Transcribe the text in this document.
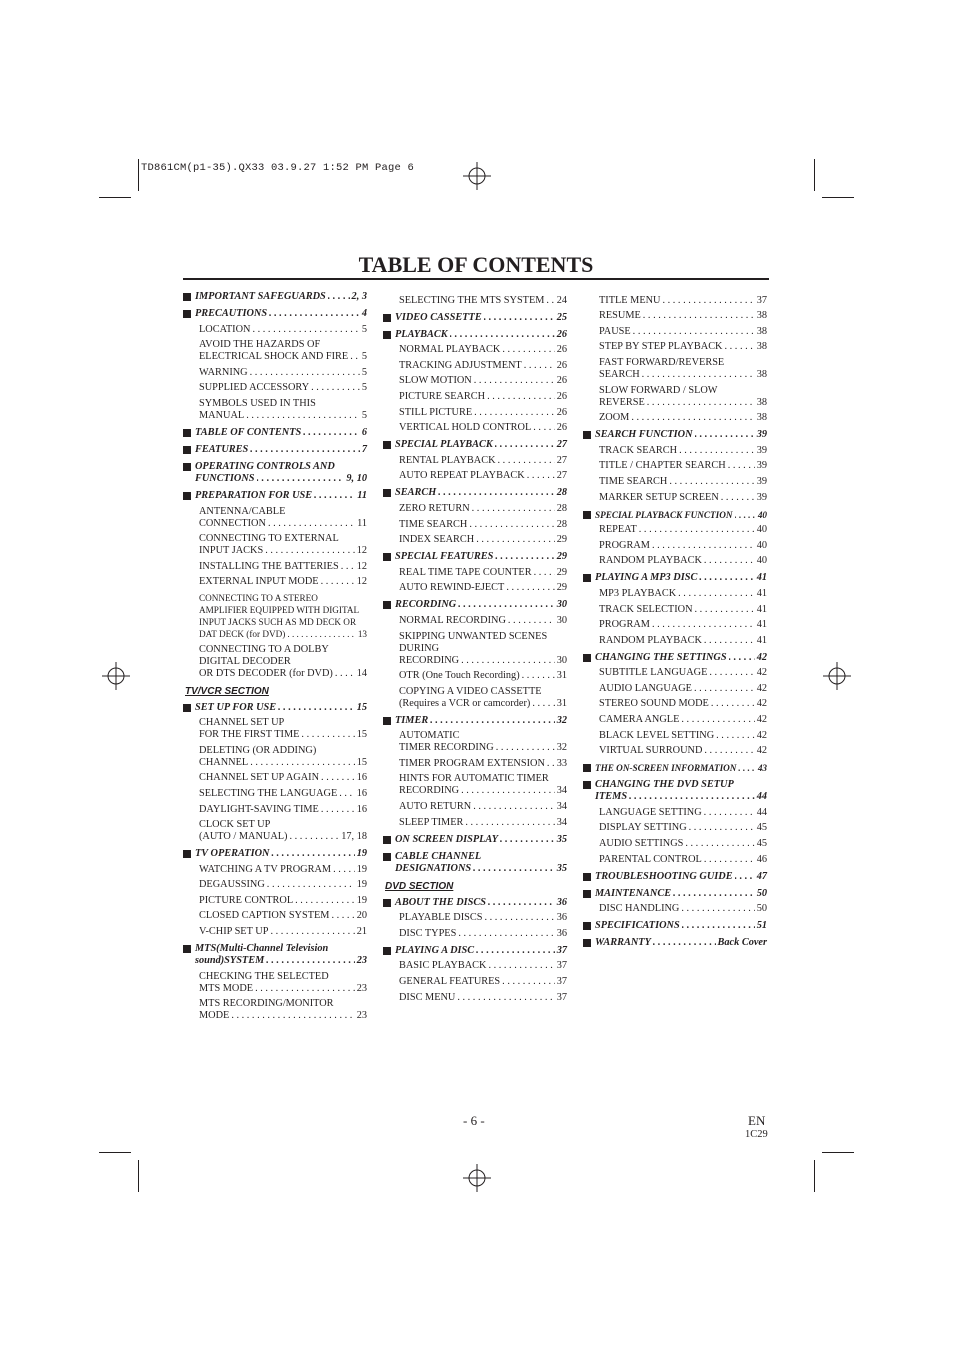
TD861CM(p1-35).QX33 03.9.27 1:52 PM Page 6
TABLE OF CONTENTS
IMPORTANT SAFEGUARDS . . .	2, 3
PRECAUTIONS . . .	4
LOCATION . . .	5
AVOID THE HAZARDS OF
ELECTRICAL SHOCK AND FIRE . . . 5
WARNING . . .	5
SUPPLIED ACCESSORY . . .	5
SYMBOLS USED IN THIS
MANUAL . . .	5
TABLE OF CONTENTS . . .	6
FEATURES . . .	7
OPERATING CONTROLS AND
FUNCTIONS . . .	9, 10
PREPARATION FOR USE . . .	11
ANTENNA/CABLE
CONNECTION . . .	11
CONNECTING TO EXTERNAL
INPUT JACKS . . .	12
INSTALLING THE BATTERIES . . . 12
EXTERNAL INPUT MODE . . .	12
CONNECTING TO A STEREO
AMPLIFIER EQUIPPED WITH DIGITAL
INPUT JACKS SUCH AS MD DECK OR
DAT DECK (for DVD) . . .	13
CONNECTING TO A DOLBY
DIGITAL DECODER
OR DTS DECODER (for DVD) . . . 14
TV/VCR SECTION
SET UP FOR USE . . .	15
CHANNEL SET UP
FOR THE FIRST TIME . . .	15
DELETING (OR ADDING)
CHANNEL . . .	15
CHANNEL SET UP AGAIN . . .	16
SELECTING THE LANGUAGE . . . 16
DAYLIGHT-SAVING TIME . . .	16
CLOCK SET UP
(AUTO / MANUAL) . . .	17, 18
TV OPERATION . . .	19
WATCHING A TV PROGRAM . . . 19
DEGAUSSING . . .	19
PICTURE CONTROL . . .	19
CLOSED CAPTION SYSTEM . . .	20
V-CHIP SET UP . . .	21
MTS(Multi-Channel Television
sound)SYSTEM . . .	23
CHECKING THE SELECTED
MTS MODE . . .	23
MTS RECORDING/MONITOR
MODE . . .	23
SELECTING THE MTS SYSTEM . . . 24
VIDEO CASSETTE . . .	25
PLAYBACK . . .	26
NORMAL PLAYBACK . . .	26
TRACKING ADJUSTMENT . . .	26
SLOW MOTION . . .	26
PICTURE SEARCH . . .	26
STILL PICTURE . . .	26
VERTICAL HOLD CONTROL . . . 26
SPECIAL PLAYBACK . . .	27
RENTAL PLAYBACK . . .	27
AUTO REPEAT PLAYBACK . . .	27
SEARCH . . .	28
ZERO RETURN . . .	28
TIME SEARCH . . .	28
INDEX SEARCH . . .	29
SPECIAL FEATURES . . .	29
REAL TIME TAPE COUNTER . . . 29
AUTO REWIND-EJECT . . .	29
RECORDING . . .	30
NORMAL RECORDING . . .	30
SKIPPING UNWANTED SCENES
DURING
RECORDING . . .	30
OTR (One Touch Recording) . . .	31
COPYING A VIDEO CASSETTE
(Requires a VCR or camcorder) . . .	31
TIMER . . .	32
AUTOMATIC
TIMER RECORDING . . .	32
TIMER PROGRAM EXTENSION . . . 33
HINTS FOR AUTOMATIC TIMER
RECORDING . . .	34
AUTO RETURN . . .	34
SLEEP TIMER . . .	34
ON SCREEN DISPLAY . . .	35
CABLE CHANNEL
DESIGNATIONS . . .	35
DVD SECTION
ABOUT THE DISCS . . .	36
PLAYABLE DISCS . . .	36
DISC TYPES . . .	36
PLAYING A DISC . . .	37
BASIC PLAYBACK . . .	37
GENERAL FEATURES . . .	37
DISC MENU . . .	37
TITLE MENU . . .	37
RESUME . . .	38
PAUSE . . .	38
STEP BY STEP PLAYBACK . . .	38
FAST FORWARD/REVERSE
SEARCH . . .	38
SLOW FORWARD / SLOW
REVERSE . . .	38
ZOOM . . .	38
SEARCH FUNCTION . . .	39
TRACK SEARCH . . .	39
TITLE / CHAPTER SEARCH . . .	39
TIME SEARCH . . .	39
MARKER SETUP SCREEN . . .	39
SPECIAL PLAYBACK FUNCTION . . .	40
REPEAT . . .	40
PROGRAM . . .	40
RANDOM PLAYBACK . . .	40
PLAYING A MP3 DISC . . .	41
MP3 PLAYBACK . . .	41
TRACK SELECTION . . .	41
PROGRAM . . .	41
RANDOM PLAYBACK . . .	41
CHANGING THE SETTINGS . . .	42
SUBTITLE LANGUAGE . . .	42
AUDIO LANGUAGE . . .	42
STEREO SOUND MODE . . .	42
CAMERA ANGLE . . .	42
BLACK LEVEL SETTING . . .	42
VIRTUAL SURROUND . . .	42
THE ON-SCREEN INFORMATION . . . 43
CHANGING THE DVD SETUP
ITEMS . . .	44
LANGUAGE SETTING . . .	44
DISPLAY SETTING . . .	45
AUDIO SETTINGS . . .	45
PARENTAL CONTROL . . .	46
TROUBLESHOOTING GUIDE . . . 47
MAINTENANCE . . .	50
DISC HANDLING . . .	50
SPECIFICATIONS . . .	51
WARRANTY . . .	Back Cover
- 6 -	EN
1C29
